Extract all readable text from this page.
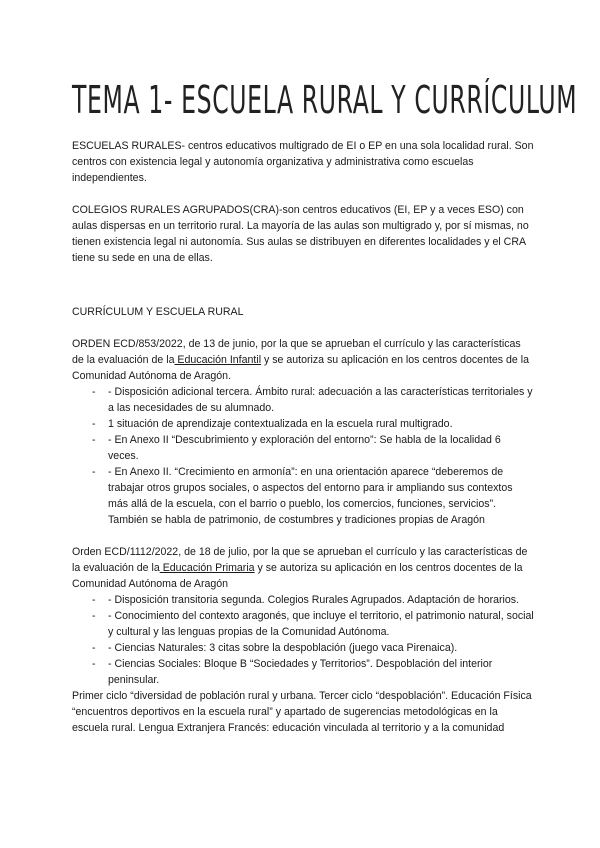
TEMA 1- ESCUELA RURAL Y CURRÍCULUM

ESCUELAS RURALES- centros educativos multigrado de EI o EP en una sola localidad rural. Son centros con existencia legal y autonomía organizativa y administrativa como escuelas independientes.

COLEGIOS RURALES AGRUPADOS(CRA)-son centros educativos (EI, EP y a veces ESO) con aulas dispersas en un territorio rural. La mayoría de las aulas son multigrado y, por sí mismas, no tienen existencia legal ni autonomía. Sus aulas se distribuyen en diferentes localidades y el CRA tiene su sede en una de ellas.

CURRÍCULUM Y ESCUELA RURAL

ORDEN ECD/853/2022, de 13 de junio, por la que se aprueban el currículo y las características de la evaluación de la Educación Infantil y se autoriza su aplicación en los centros docentes de la Comunidad Autónoma de Aragón.

- - Disposición adicional tercera. Ámbito rural: adecuación a las características territoriales y a las necesidades de su alumnado.
- 1 situación de aprendizaje contextualizada en la escuela rural multigrado.
- - En Anexo II “Descubrimiento y exploración del entorno”: Se habla de la localidad 6 veces.
- - En Anexo II. “Crecimiento en armonía”: en una orientación aparece “deberemos de trabajar otros grupos sociales, o aspectos del entorno para ir ampliando sus contextos más allá de la escuela, con el barrio o pueblo, los comercios, funciones, servicios”. También se habla de patrimonio, de costumbres y tradiciones propias de Aragón

Orden ECD/1112/2022, de 18 de julio, por la que se aprueban el currículo y las características de la evaluación de la Educación Primaria y se autoriza su aplicación en los centros docentes de la Comunidad Autónoma de Aragón

- - Disposición transitoria segunda. Colegios Rurales Agrupados. Adaptación de horarios.
- - Conocimiento del contexto aragonés, que incluye el territorio, el patrimonio natural, social y cultural y las lenguas propias de la Comunidad Autónoma.
- - Ciencias Naturales: 3 citas sobre la despoblación (juego vaca Pirenaica).
- - Ciencias Sociales: Bloque B “Sociedades y Territorios”. Despoblación del interior peninsular.

Primer ciclo “diversidad de población rural y urbana. Tercer ciclo “despoblación”. Educación Física “encuentros deportivos en la escuela rural” y apartado de sugerencias metodológicas en la escuela rural. Lengua Extranjera Francés: educación vinculada al territorio y a la comunidad
